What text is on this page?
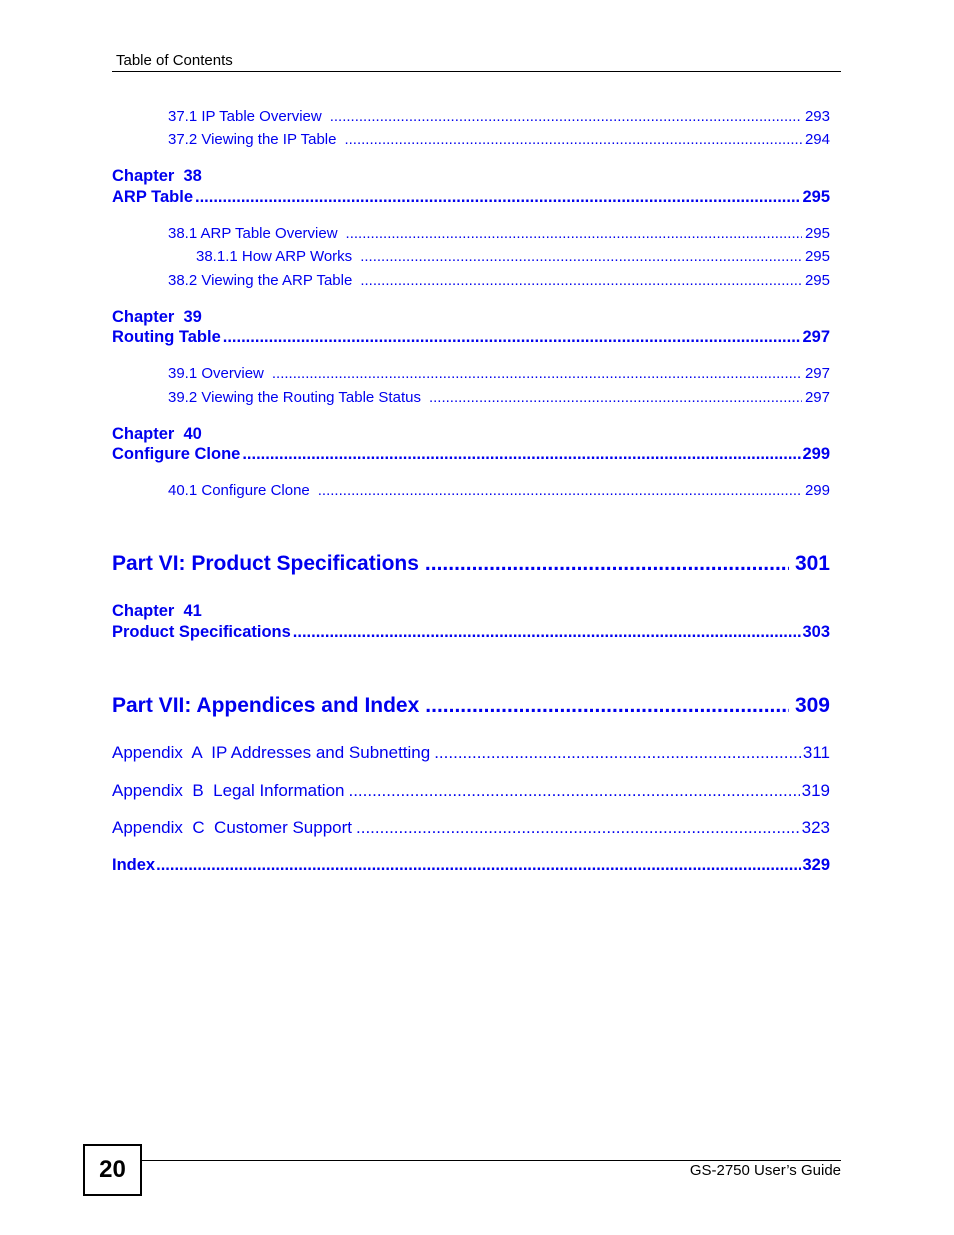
Table of Contents
37.1 IP Table Overview .....	293
37.2 Viewing the IP Table .....	294
Chapter  38
ARP Table .....	295
38.1 ARP Table Overview .....	295
38.1.1 How ARP Works .....	295
38.2 Viewing the ARP Table .....	295
Chapter  39
Routing Table .....	297
39.1 Overview .....	297
39.2 Viewing the Routing Table Status .....	297
Chapter  40
Configure Clone .....	299
40.1 Configure Clone .....	299
Part VI: Product Specifications .....	301
Chapter  41
Product Specifications .....	303
Part VII: Appendices and Index .....	309
Appendix  A  IP Addresses and Subnetting .....	311
Appendix  B  Legal Information .....	319
Appendix  C  Customer Support .....	323
Index .....	329
20	GS-2750 User’s Guide
